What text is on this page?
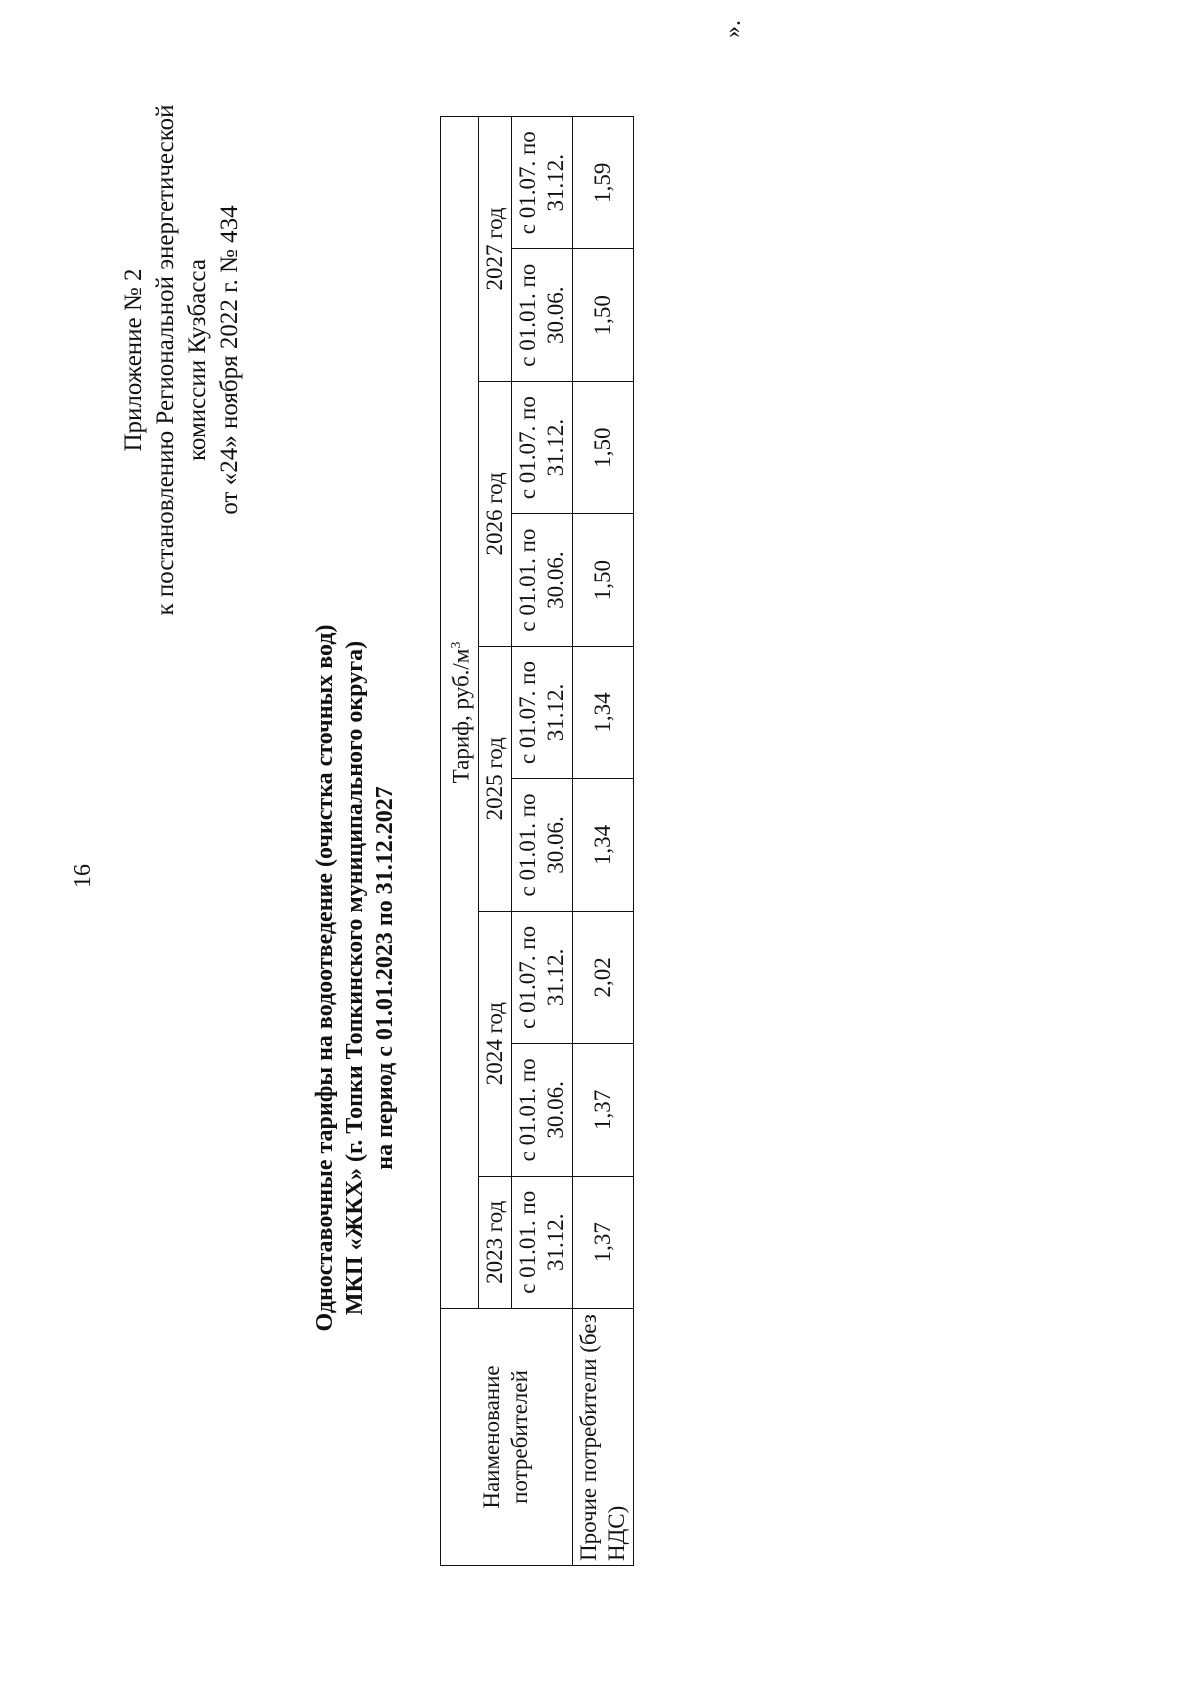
16
Приложение № 2 к постановлению Региональной энергетической комиссии Кузбасса от «24» ноября 2022 г. № 434
Одноставочные тарифы на водоотведение (очистка сточных вод) МКП «ЖКХ» (г. Топки Топкинского муниципального округа) на период с 01.01.2023 по 31.12.2027
Наименование потребителей	Тариф, $руб./м^3$
	2023 год	2024 год		2025 год		2026 год		2027 год	
	с 01.01. по 31.12.	с 01.01. по 30.06.	с 01.07. по 31.12.	с 01.01. по 30.06.	с 01.07. по 31.12.	с 01.01. по 30.06.	с 01.07. по 31.12.	с 01.01. по 30.06.	с 01.07. по 31.12.
Прочие потребители (без НДС)	1,37	1,37	2,02	1,34	1,34	1,50	1,50	1,50	1,59
».
